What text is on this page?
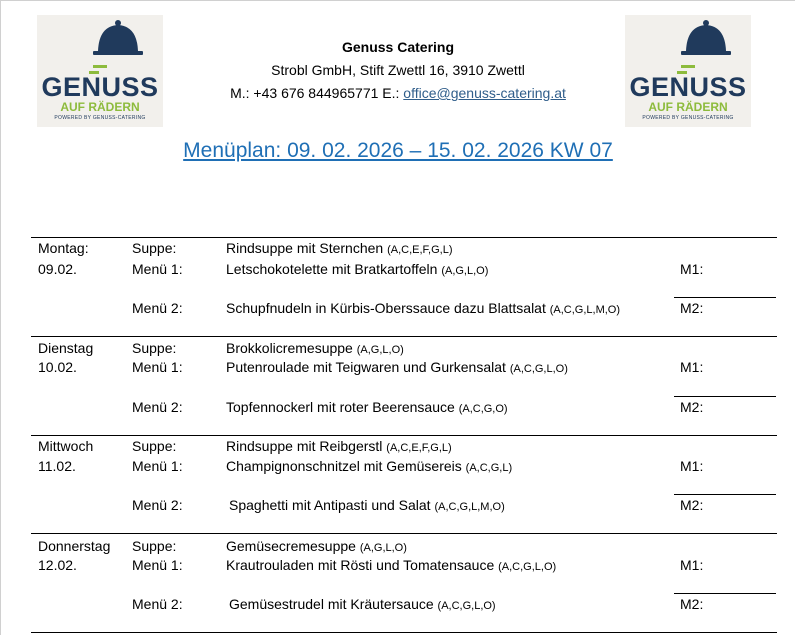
GENUSS
AUF RÄDERN
POWERED BY GENUSS-CATERING
GENUSS
AUF RÄDERN
POWERED BY GENUSS-CATERING
Genuss Catering
Strobl GmbH, Stift Zwettl 16, 3910 Zwettl
M.: +43 676 844965771 E.: office@genuss-catering.at
Menüplan: 09. 02. 2026 – 15. 02. 2026 KW 07
Montag:
09.02.
Suppe:
Menü 1:
Menü 2:
Rindsuppe mit Sternchen (A,C,E,F,G,L)
Letschokotelette mit Bratkartoffeln (A,G,L,O)
Schupfnudeln in Kürbis-Oberssauce dazu Blattsalat (A,C,G,L,M,O)
M1:
M2:
Dienstag
10.02.
Suppe:
Menü 1:
Menü 2:
Brokkolicremesuppe (A,G,L,O)
Putenroulade mit Teigwaren und Gurkensalat (A,C,G,L,O)
Topfennockerl mit roter Beerensauce (A,C,G,O)
M1:
M2:
Mittwoch
11.02.
Suppe:
Menü 1:
Menü 2:
Rindsuppe mit Reibgerstl (A,C,E,F,G,L)
Champignonschnitzel mit Gemüsereis (A,C,G,L)
Spaghetti mit Antipasti und Salat (A,C,G,L,M,O)
M1:
M2:
Donnerstag
12.02.
Suppe:
Menü 1:
Menü 2:
Gemüsecremesuppe (A,G,L,O)
Krautrouladen mit Rösti und Tomatensauce (A,C,G,L,O)
Gemüsestrudel mit Kräutersauce (A,C,G,L,O)
M1:
M2:
